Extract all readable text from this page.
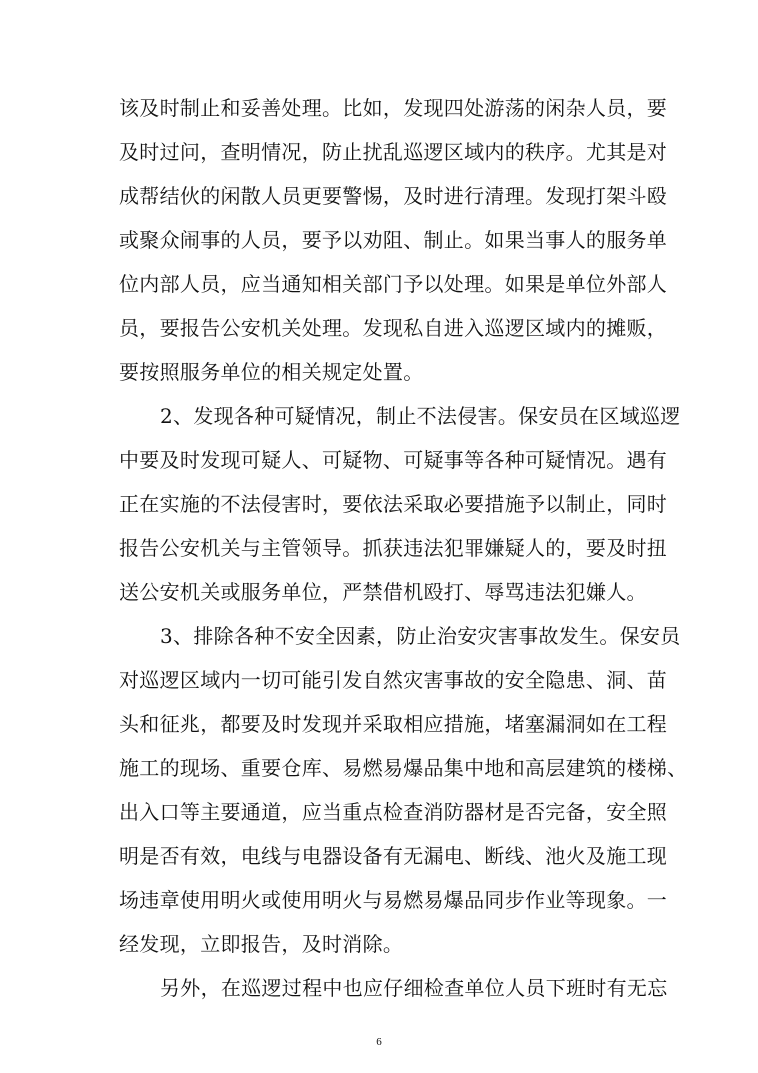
该及时制止和妥善处理。比如，发现四处游荡的闲杂人员，要
及时过问，查明情况，防止扰乱巡逻区域内的秩序。尤其是对
成帮结伙的闲散人员更要警惕，及时进行清理。发现打架斗殴
或聚众闹事的人员，要予以劝阻、制止。如果当事人的服务单
位内部人员，应当通知相关部门予以处理。如果是单位外部人
员，要报告公安机关处理。发现私自进入巡逻区域内的摊贩，
要按照服务单位的相关规定处置。
2、发现各种可疑情况，制止不法侵害。保安员在区域巡逻
中要及时发现可疑人、可疑物、可疑事等各种可疑情况。遇有
正在实施的不法侵害时，要依法采取必要措施予以制止，同时
报告公安机关与主管领导。抓获违法犯罪嫌疑人的，要及时扭
送公安机关或服务单位，严禁借机殴打、辱骂违法犯嫌人。
3、排除各种不安全因素，防止治安灾害事故发生。保安员
对巡逻区域内一切可能引发自然灾害事故的安全隐患、洞、苗
头和征兆，都要及时发现并采取相应措施，堵塞漏洞如在工程
施工的现场、重要仓库、易燃易爆品集中地和高层建筑的楼梯、
出入口等主要通道，应当重点检查消防器材是否完备，安全照
明是否有效，电线与电器设备有无漏电、断线、池火及施工现
场违章使用明火或使用明火与易燃易爆品同步作业等现象。一
经发现，立即报告，及时消除。
另外，在巡逻过程中也应仔细检查单位人员下班时有无忘
6
